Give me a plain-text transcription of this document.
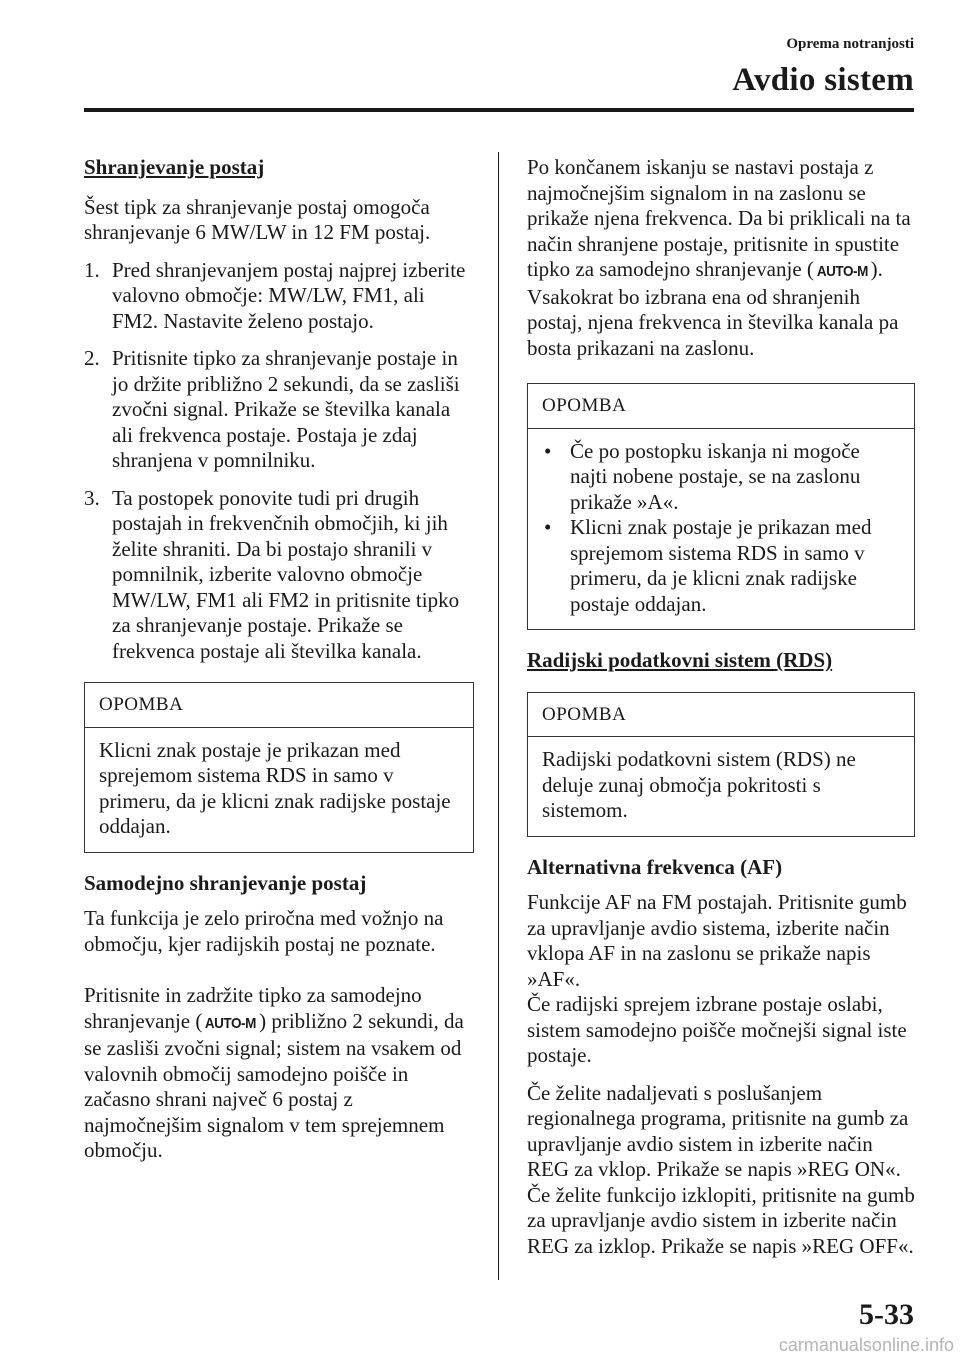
Oprema notranjosti
Avdio sistem
Shranjevanje postaj

Šest tipk za shranjevanje postaj omogoča shranjevanje 6 MW/LW in 12 FM postaj.

1. Pred shranjevanjem postaj najprej izberite valovno območje: MW/LW, FM1, ali FM2. Nastavite želeno postajo.
2. Pritisnite tipko za shranjevanje postaje in jo držite približno 2 sekundi, da se zasliši zvočni signal. Prikaže se številka kanala ali frekvenca postaje. Postaja je zdaj shranjena v pomnilniku.
3. Ta postopek ponovite tudi pri drugih postajah in frekvenčnih območjih, ki jih želite shraniti. Da bi postajo shranili v pomnilnik, izberite valovno območje MW/LW, FM1 ali FM2 in pritisnite tipko za shranjevanje postaje. Prikaže se frekvenca postaje ali številka kanala.
OPOMBA
Klicni znak postaje je prikazan med sprejemom sistema RDS in samo v primeru, da je klicni znak radijske postaje oddajan.
Samodejno shranjevanje postaj

Ta funkcija je zelo priročna med vožnjo na območju, kjer radijskih postaj ne poznate.

Pritisnite in zadržite tipko za samodejno shranjevanje ( AUTO-M ) približno 2 sekundi, da se zasliši zvočni signal; sistem na vsakem od valovnih območij samodejno poišče in začasno shrani največ 6 postaj z najmočnejšim signalom v tem sprejemnem območju.

Po končanem iskanju se nastavi postaja z najmočnejšim signalom in na zaslonu se prikaže njena frekvenca. Da bi priklicali na ta način shranjene postaje, pritisnite in spustite tipko za samodejno shranjevanje ( AUTO-M ). Vsakokrat bo izbrana ena od shranjenih postaj, njena frekvenca in številka kanala pa bosta prikazani na zaslonu.

OPOMBA
• Če po postopku iskanja ni mogoče najti nobene postaje, se na zaslonu prikaže »A«.
• Klicni znak postaje je prikazan med sprejemom sistema RDS in samo v primeru, da je klicni znak radijske postaje oddajan.
Radijski podatkovni sistem (RDS)
OPOMBA
Radijski podatkovni sistem (RDS) ne deluje zunaj območja pokritosti s sistemom.
Alternativna frekvenca (AF)

Funkcije AF na FM postajah. Pritisnite gumb za upravljanje avdio sistema, izberite način vklopa AF in na zaslonu se prikaže napis »AF«.
Če radijski sprejem izbrane postaje oslabi, sistem samodejno poišče močnejši signal iste postaje.

Če želite nadaljevati s poslušanjem regionalnega programa, pritisnite na gumb za upravljanje avdio sistem in izberite način REG za vklop. Prikaže se napis »REG ON«. Če želite funkcijo izklopiti, pritisnite na gumb za upravljanje avdio sistem in izberite način REG za izklop. Prikaže se napis »REG OFF«.

5-33
carmanualsonline.info
